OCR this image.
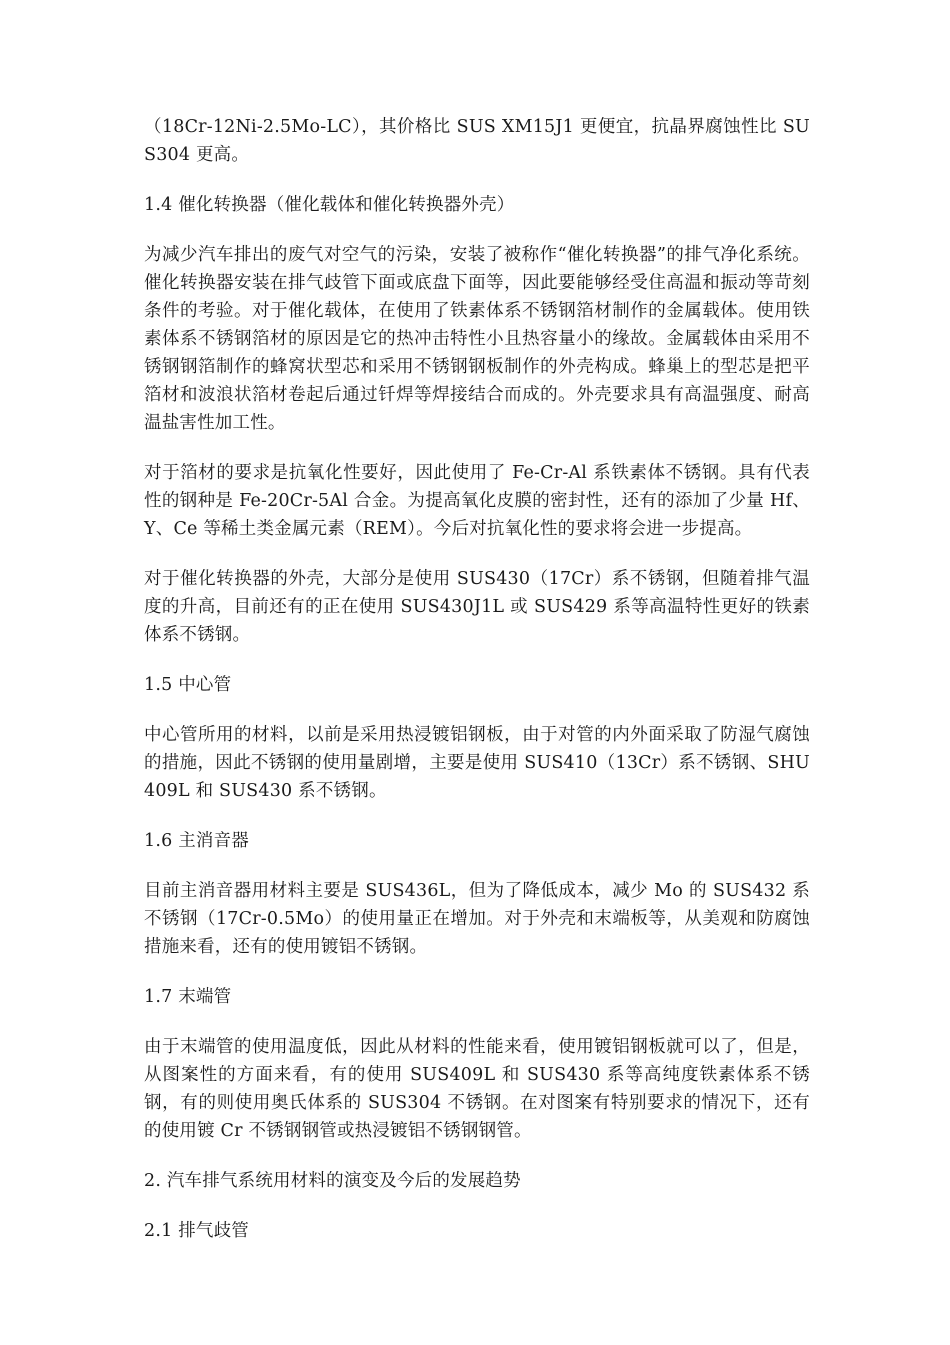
（18Cr-12Ni-2.5Mo-LC），其价格比 SUS XM15J1 更便宜，抗晶界腐蚀性比 SUS304 更高。

1.4 催化转换器（催化载体和催化转换器外壳）

为减少汽车排出的废气对空气的污染，安装了被称作“催化转换器”的排气净化系统。催化转换器安装在排气歧管下面或底盘下面等，因此要能够经受住高温和振动等苛刻条件的考验。对于催化载体，在使用了铁素体系不锈钢箔材制作的金属载体。使用铁素体系不锈钢箔材的原因是它的热冲击特性小且热容量小的缘故。金属载体由采用不锈钢钢箔制作的蜂窝状型芯和采用不锈钢钢板制作的外壳构成。蜂巢上的型芯是把平箔材和波浪状箔材卷起后通过钎焊等焊接结合而成的。外壳要求具有高温强度、耐高温盐害性加工性。

对于箔材的要求是抗氧化性要好，因此使用了 Fe-Cr-Al 系铁素体不锈钢。具有代表性的钢种是 Fe-20Cr-5Al 合金。为提高氧化皮膜的密封性，还有的添加了少量 Hf、Y、Ce 等稀土类金属元素（REM）。今后对抗氧化性的要求将会进一步提高。

对于催化转换器的外壳，大部分是使用 SUS430（17Cr）系不锈钢，但随着排气温度的升高，目前还有的正在使用 SUS430J1L 或 SUS429 系等高温特性更好的铁素体系不锈钢。

1.5 中心管

中心管所用的材料，以前是采用热浸镀铝钢板，由于对管的内外面采取了防湿气腐蚀的措施，因此不锈钢的使用量剧增，主要是使用 SUS410（13Cr）系不锈钢、SHU409L 和 SUS430 系不锈钢。

1.6 主消音器

目前主消音器用材料主要是 SUS436L，但为了降低成本，减少 Mo 的 SUS432 系不锈钢（17Cr-0.5Mo）的使用量正在增加。对于外壳和末端板等，从美观和防腐蚀措施来看，还有的使用镀铝不锈钢。

1.7 末端管

由于末端管的使用温度低，因此从材料的性能来看，使用镀铝钢板就可以了，但是，从图案性的方面来看，有的使用 SUS409L 和 SUS430 系等高纯度铁素体系不锈钢，有的则使用奥氏体系的 SUS304 不锈钢。在对图案有特别要求的情况下，还有的使用镀 Cr 不锈钢钢管或热浸镀铝不锈钢钢管。

2. 汽车排气系统用材料的演变及今后的发展趋势

2.1 排气歧管
